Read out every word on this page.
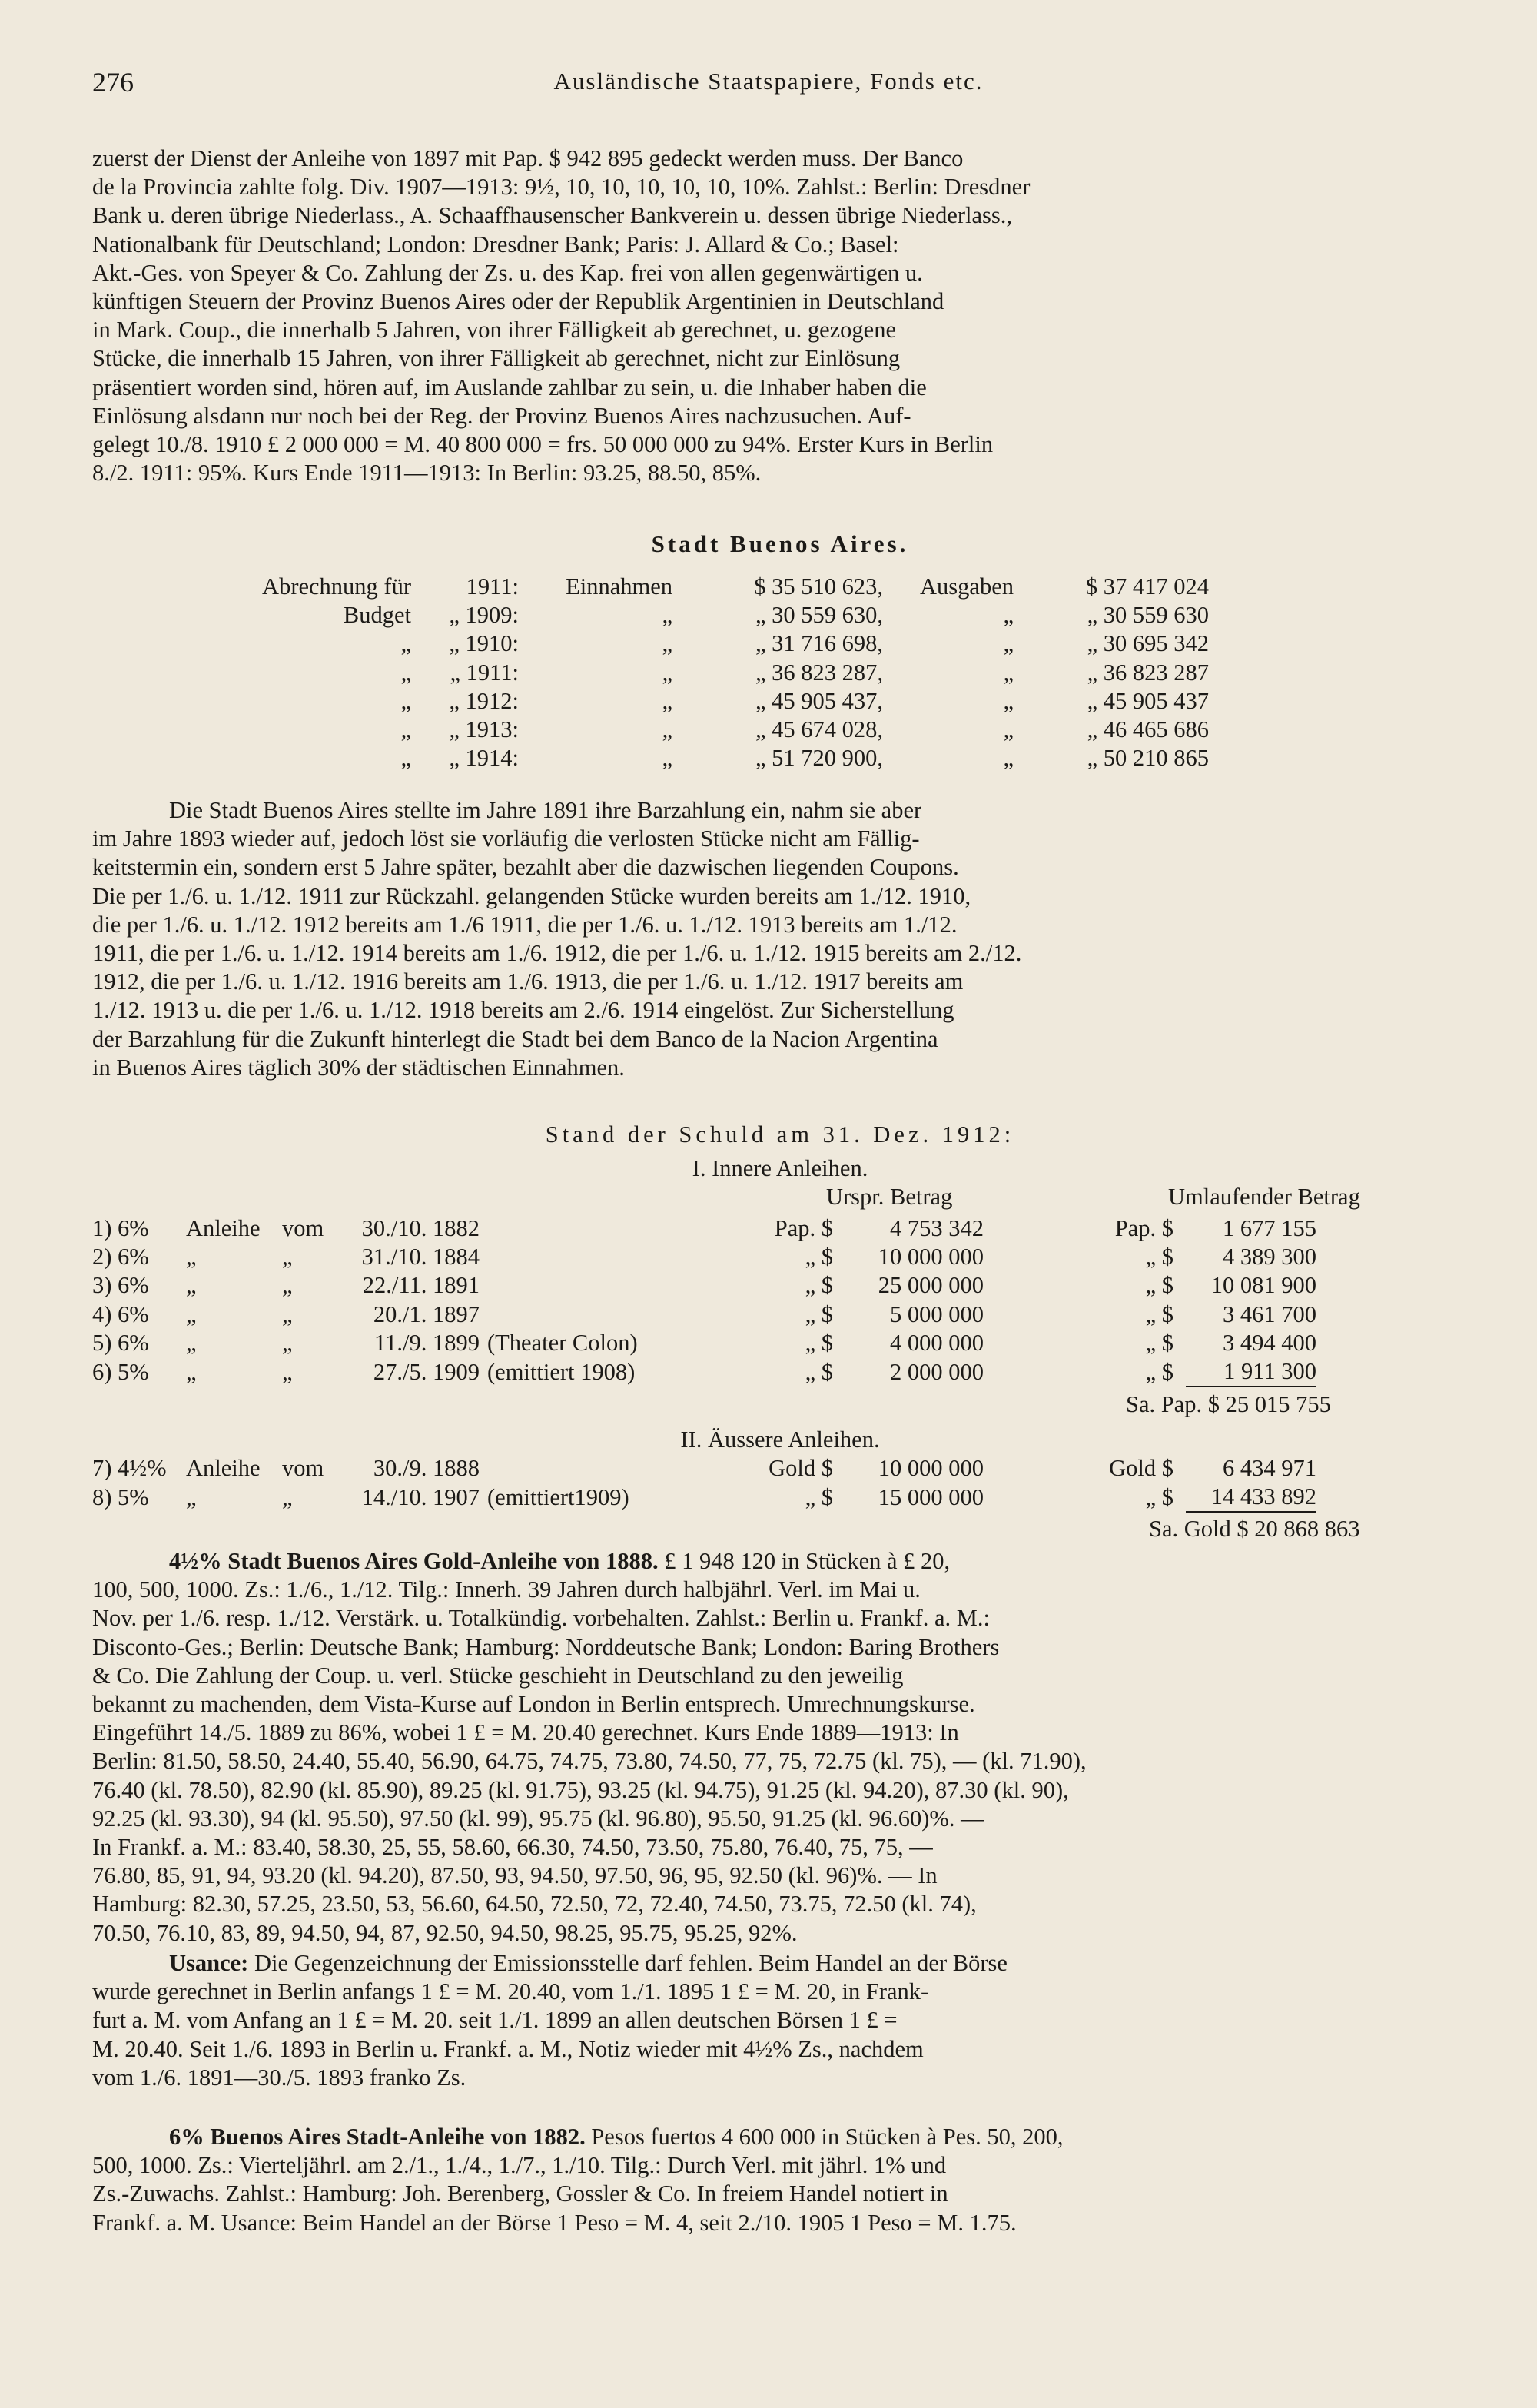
276	Ausländische Staatspapiere, Fonds etc.

zuerst der Dienst der Anleihe von 1897 mit Pap. $ 942 895 gedeckt werden muss. Der Banco

de la Provincia zahlte folg. Div. 1907—1913: 9½, 10, 10, 10, 10, 10, 10%. Zahlst.: Berlin: Dresdner

Bank u. deren übrige Niederlass., A. Schaaffhausenscher Bankverein u. dessen übrige Niederlass.,

Nationalbank für Deutschland; London: Dresdner Bank; Paris: J. Allard & Co.; Basel:

Akt.-Ges. von Speyer & Co. Zahlung der Zs. u. des Kap. frei von allen gegenwärtigen u.

künftigen Steuern der Provinz Buenos Aires oder der Republik Argentinien in Deutschland

in Mark. Coup., die innerhalb 5 Jahren, von ihrer Fälligkeit ab gerechnet, u. gezogene

Stücke, die innerhalb 15 Jahren, von ihrer Fälligkeit ab gerechnet, nicht zur Einlösung

präsentiert worden sind, hören auf, im Auslande zahlbar zu sein, u. die Inhaber haben die

Einlösung alsdann nur noch bei der Reg. der Provinz Buenos Aires nachzusuchen. Auf-

gelegt 10./8. 1910 £ 2 000 000 = M. 40 800 000 = frs. 50 000 000 zu 94%. Erster Kurs in Berlin

8./2. 1911: 95%. Kurs Ende 1911—1913: In Berlin: 93.25, 88.50, 85%.

Stadt Buenos Aires.
Abrechnung für	1911:	Einnahmen	$ 35 510 623,	Ausgaben	$ 37 417 024
Budget	„ 1909:	„	„ 30 559 630,	„	„ 30 559 630
„	„ 1910:	„	„ 31 716 698,	„	„ 30 695 342
„	„ 1911:	„	„ 36 823 287,	„	„ 36 823 287
„	„ 1912:	„	„ 45 905 437,	„	„ 45 905 437
„	„ 1913:	„	„ 45 674 028,	„	„ 46 465 686
„	„ 1914:	„	„ 51 720 900,	„	„ 50 210 865

Die Stadt Buenos Aires stellte im Jahre 1891 ihre Barzahlung ein, nahm sie aber

im Jahre 1893 wieder auf, jedoch löst sie vorläufig die verlosten Stücke nicht am Fällig-

keitstermin ein, sondern erst 5 Jahre später, bezahlt aber die dazwischen liegenden Coupons.

Die per 1./6. u. 1./12. 1911 zur Rückzahl. gelangenden Stücke wurden bereits am 1./12. 1910,

die per 1./6. u. 1./12. 1912 bereits am 1./6 1911, die per 1./6. u. 1./12. 1913 bereits am 1./12.

1911, die per 1./6. u. 1./12. 1914 bereits am 1./6. 1912, die per 1./6. u. 1./12. 1915 bereits am 2./12.

1912, die per 1./6. u. 1./12. 1916 bereits am 1./6. 1913, die per 1./6. u. 1./12. 1917 bereits am

1./12. 1913 u. die per 1./6. u. 1./12. 1918 bereits am 2./6. 1914 eingelöst. Zur Sicherstellung

der Barzahlung für die Zukunft hinterlegt die Stadt bei dem Banco de la Nacion Argentina

in Buenos Aires täglich 30% der städtischen Einnahmen.

Stand der Schuld am 31. Dez. 1912:
I. Innere Anleihen.
Urspr. Betrag	Umlaufender Betrag
1) 6%	Anleihe	vom	30./10. 1882		Pap. $	4 753 342	Pap. $	1 677 155
2) 6%	„	„	31./10. 1884		„ $	10 000 000	„ $	4 389 300
3) 6%	„	„	22./11. 1891		„ $	25 000 000	„ $	10 081 900
4) 6%	„	„	20./1. 1897		„ $	5 000 000	„ $	3 461 700
5) 6%	„	„	11./9. 1899	(Theater Colon)	„ $	4 000 000	„ $	3 494 400
6) 5%	„	„	27./5. 1909	(emittiert 1908)	„ $	2 000 000	„ $	1 911 300
Sa. Pap. $ 25 015 755
II. Äussere Anleihen.
7) 4½%	Anleihe	vom	30./9. 1888		Gold $	10 000 000	Gold $	6 434 971
8) 5%	„	„	14./10. 1907	(emittiert1909)	„ $	15 000 000	„ $	14 433 892
Sa. Gold $ 20 868 863

4½% Stadt Buenos Aires Gold-Anleihe von 1888. £ 1 948 120 in Stücken à £ 20,

100, 500, 1000. Zs.: 1./6., 1./12. Tilg.: Innerh. 39 Jahren durch halbjährl. Verl. im Mai u.

Nov. per 1./6. resp. 1./12. Verstärk. u. Totalkündig. vorbehalten. Zahlst.: Berlin u. Frankf. a. M.:

Disconto-Ges.; Berlin: Deutsche Bank; Hamburg: Norddeutsche Bank; London: Baring Brothers

& Co. Die Zahlung der Coup. u. verl. Stücke geschieht in Deutschland zu den jeweilig

bekannt zu machenden, dem Vista-Kurse auf London in Berlin entsprech. Umrechnungskurse.

Eingeführt 14./5. 1889 zu 86%, wobei 1 £ = M. 20.40 gerechnet. Kurs Ende 1889—1913: In

Berlin: 81.50, 58.50, 24.40, 55.40, 56.90, 64.75, 74.75, 73.80, 74.50, 77, 75, 72.75 (kl. 75), — (kl. 71.90),

76.40 (kl. 78.50), 82.90 (kl. 85.90), 89.25 (kl. 91.75), 93.25 (kl. 94.75), 91.25 (kl. 94.20), 87.30 (kl. 90),

92.25 (kl. 93.30), 94 (kl. 95.50), 97.50 (kl. 99), 95.75 (kl. 96.80), 95.50, 91.25 (kl. 96.60)%. —

In Frankf. a. M.: 83.40, 58.30, 25, 55, 58.60, 66.30, 74.50, 73.50, 75.80, 76.40, 75, 75, —

76.80, 85, 91, 94, 93.20 (kl. 94.20), 87.50, 93, 94.50, 97.50, 96, 95, 92.50 (kl. 96)%. — In

Hamburg: 82.30, 57.25, 23.50, 53, 56.60, 64.50, 72.50, 72, 72.40, 74.50, 73.75, 72.50 (kl. 74),

70.50, 76.10, 83, 89, 94.50, 94, 87, 92.50, 94.50, 98.25, 95.75, 95.25, 92%.

Usance: Die Gegenzeichnung der Emissionsstelle darf fehlen. Beim Handel an der Börse

wurde gerechnet in Berlin anfangs 1 £ = M. 20.40, vom 1./1. 1895 1 £ = M. 20, in Frank-

furt a. M. vom Anfang an 1 £ = M. 20. seit 1./1. 1899 an allen deutschen Börsen 1 £ =

M. 20.40. Seit 1./6. 1893 in Berlin u. Frankf. a. M., Notiz wieder mit 4½% Zs., nachdem

vom 1./6. 1891—30./5. 1893 franko Zs.

6% Buenos Aires Stadt-Anleihe von 1882. Pesos fuertos 4 600 000 in Stücken à Pes. 50, 200,

500, 1000. Zs.: Vierteljährl. am 2./1., 1./4., 1./7., 1./10. Tilg.: Durch Verl. mit jährl. 1% und

Zs.-Zuwachs. Zahlst.: Hamburg: Joh. Berenberg, Gossler & Co. In freiem Handel notiert in

Frankf. a. M. Usance: Beim Handel an der Börse 1 Peso = M. 4, seit 2./10. 1905 1 Peso = M. 1.75.
